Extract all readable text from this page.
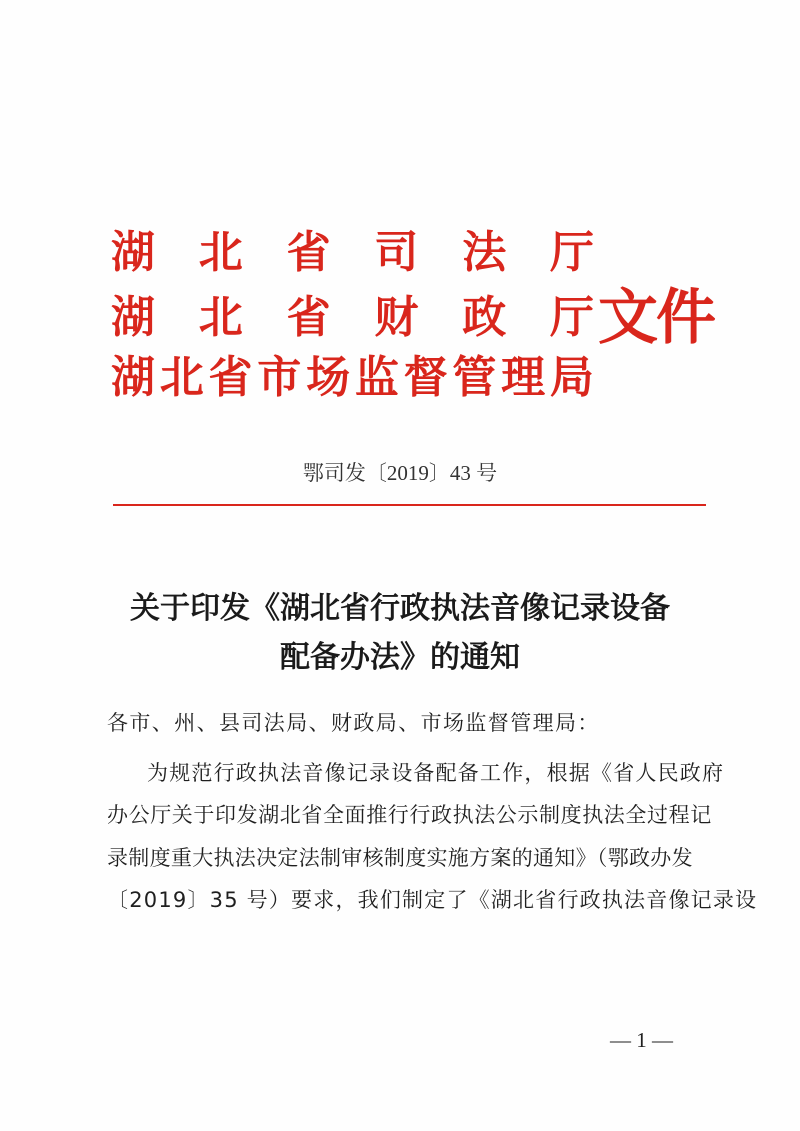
湖 北 省 司 法 厅
湖 北 省 财 政 厅
湖 北 省 市 场 监 督 管 理 局
文件
鄂司发〔2019〕43 号
关于印发《湖北省行政执法音像记录设备
配备办法》的通知
各市、州、县司法局、财政局、市场监督管理局：
为规范行政执法音像记录设备配备工作，根据《省人民政府
办公厅关于印发湖北省全面推行行政执法公示制度执法全过程记
录制度重大执法决定法制审核制度实施方案的通知》（鄂政办发
〔2019〕35 号）要求，我们制定了《湖北省行政执法音像记录设
— 1 —
